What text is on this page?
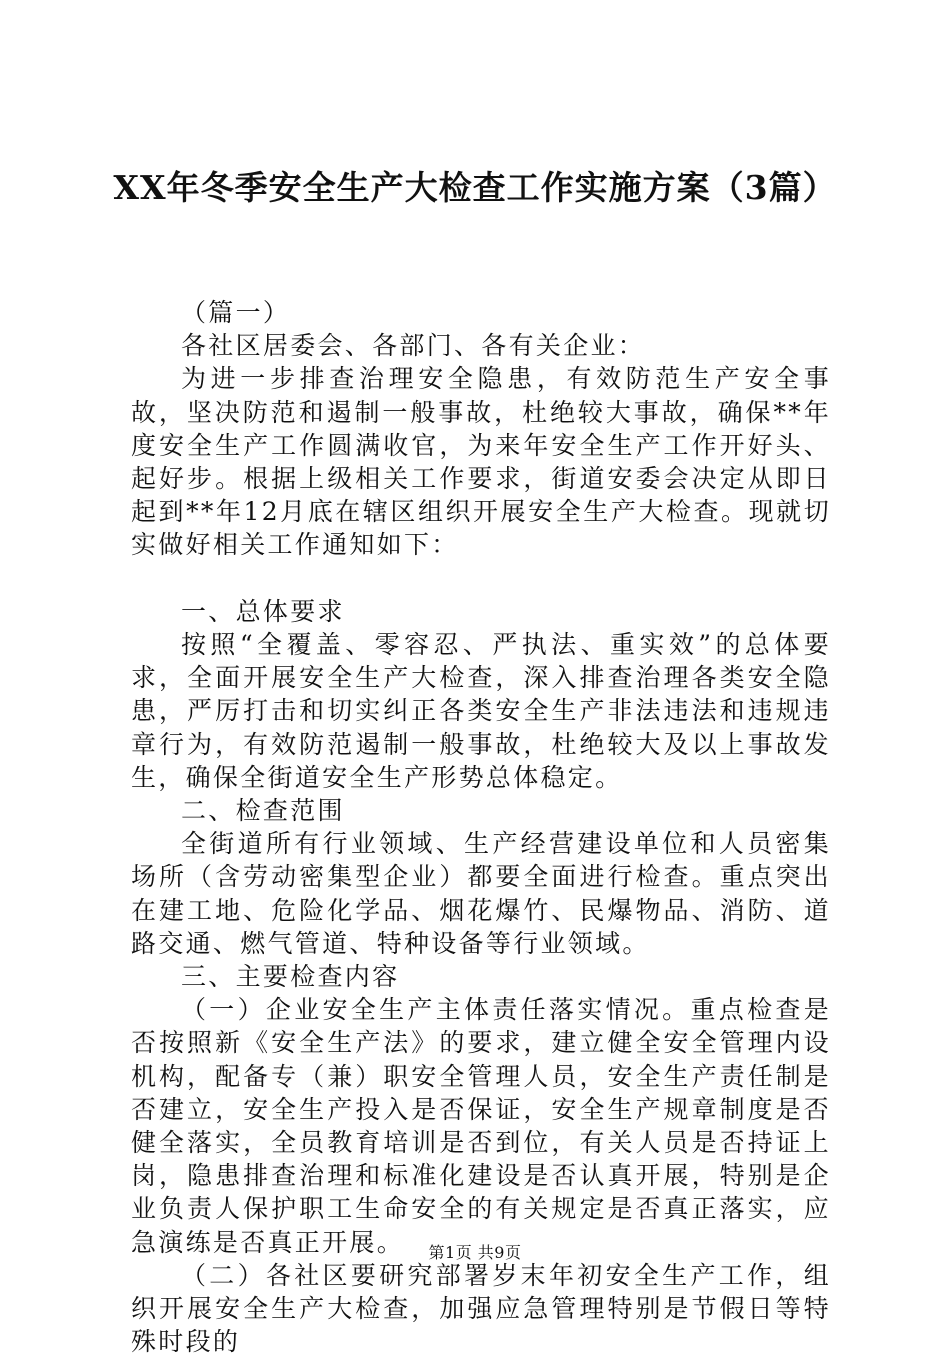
XX年冬季安全生产大检查工作实施方案（3篇）

（篇一）

各社区居委会、各部门、各有关企业：

为进一步排查治理安全隐患，有效防范生产安全事故，坚决防范和遏制一般事故，杜绝较大事故，确保**年度安全生产工作圆满收官，为来年安全生产工作开好头、起好步。根据上级相关工作要求，街道安委会决定从即日起到**年12月底在辖区组织开展安全生产大检查。现就切实做好相关工作通知如下：

一、总体要求

按照“全覆盖、零容忍、严执法、重实效”的总体要求，全面开展安全生产大检查，深入排查治理各类安全隐患，严厉打击和切实纠正各类安全生产非法违法和违规违章行为，有效防范遏制一般事故，杜绝较大及以上事故发生，确保全街道安全生产形势总体稳定。

二、检查范围

全街道所有行业领域、生产经营建设单位和人员密集场所（含劳动密集型企业）都要全面进行检查。重点突出在建工地、危险化学品、烟花爆竹、民爆物品、消防、道路交通、燃气管道、特种设备等行业领域。

三、主要检查内容

（一）企业安全生产主体责任落实情况。重点检查是否按照新《安全生产法》的要求，建立健全安全管理内设机构，配备专（兼）职安全管理人员，安全生产责任制是否建立，安全生产投入是否保证，安全生产规章制度是否健全落实，全员教育培训是否到位，有关人员是否持证上岗，隐患排查治理和标准化建设是否认真开展，特别是企业负责人保护职工生命安全的有关规定是否真正落实，应急演练是否真正开展。

（二）各社区要研究部署岁末年初安全生产工作，组织开展安全生产大检查，加强应急管理特别是节假日等特殊时段的

第1页 共9页
